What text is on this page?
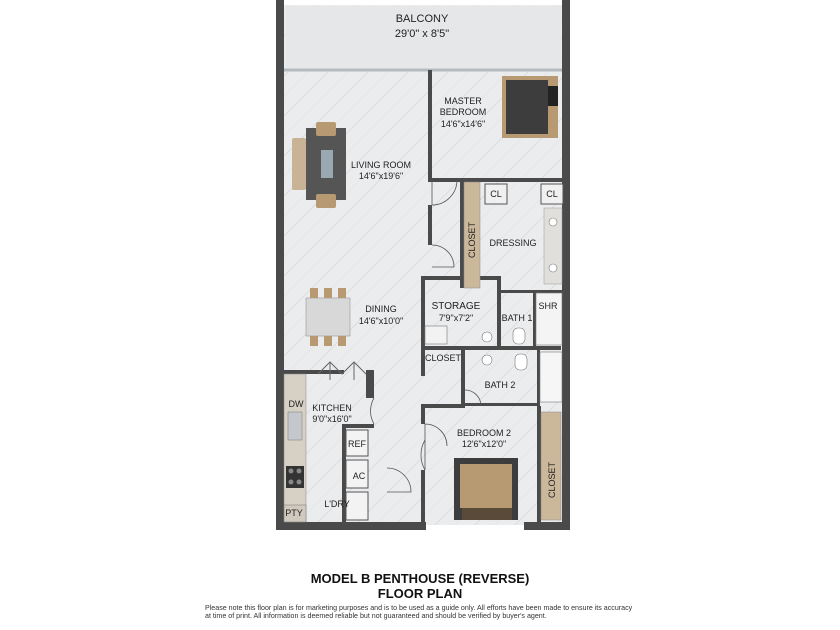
BALCONY
29'0" x 8'5"
MASTER
BEDROOM
14'6"x14'6"
LIVING ROOM
14'6"x19'6"
CL	CL
CLOSET DRESSING
DINING
14'6"x10'0"
STORAGE
7'9"x7'2"	BATH 1
SHR
CLOSET
BATH 2
DW KITCHEN
9'0"x16'0"
REF
AC
L'DRY
PTY
BEDROOM 2
12'6"x12'0"
CLOSET
MODEL B PENTHOUSE (REVERSE)
FLOOR PLAN

Please note this floor plan is for marketing purposes and is to be used as a guide only. All efforts have been made to ensure its accuracy at time of print. All information is deemed reliable but not guaranteed and should be verified by buyer's agent.
